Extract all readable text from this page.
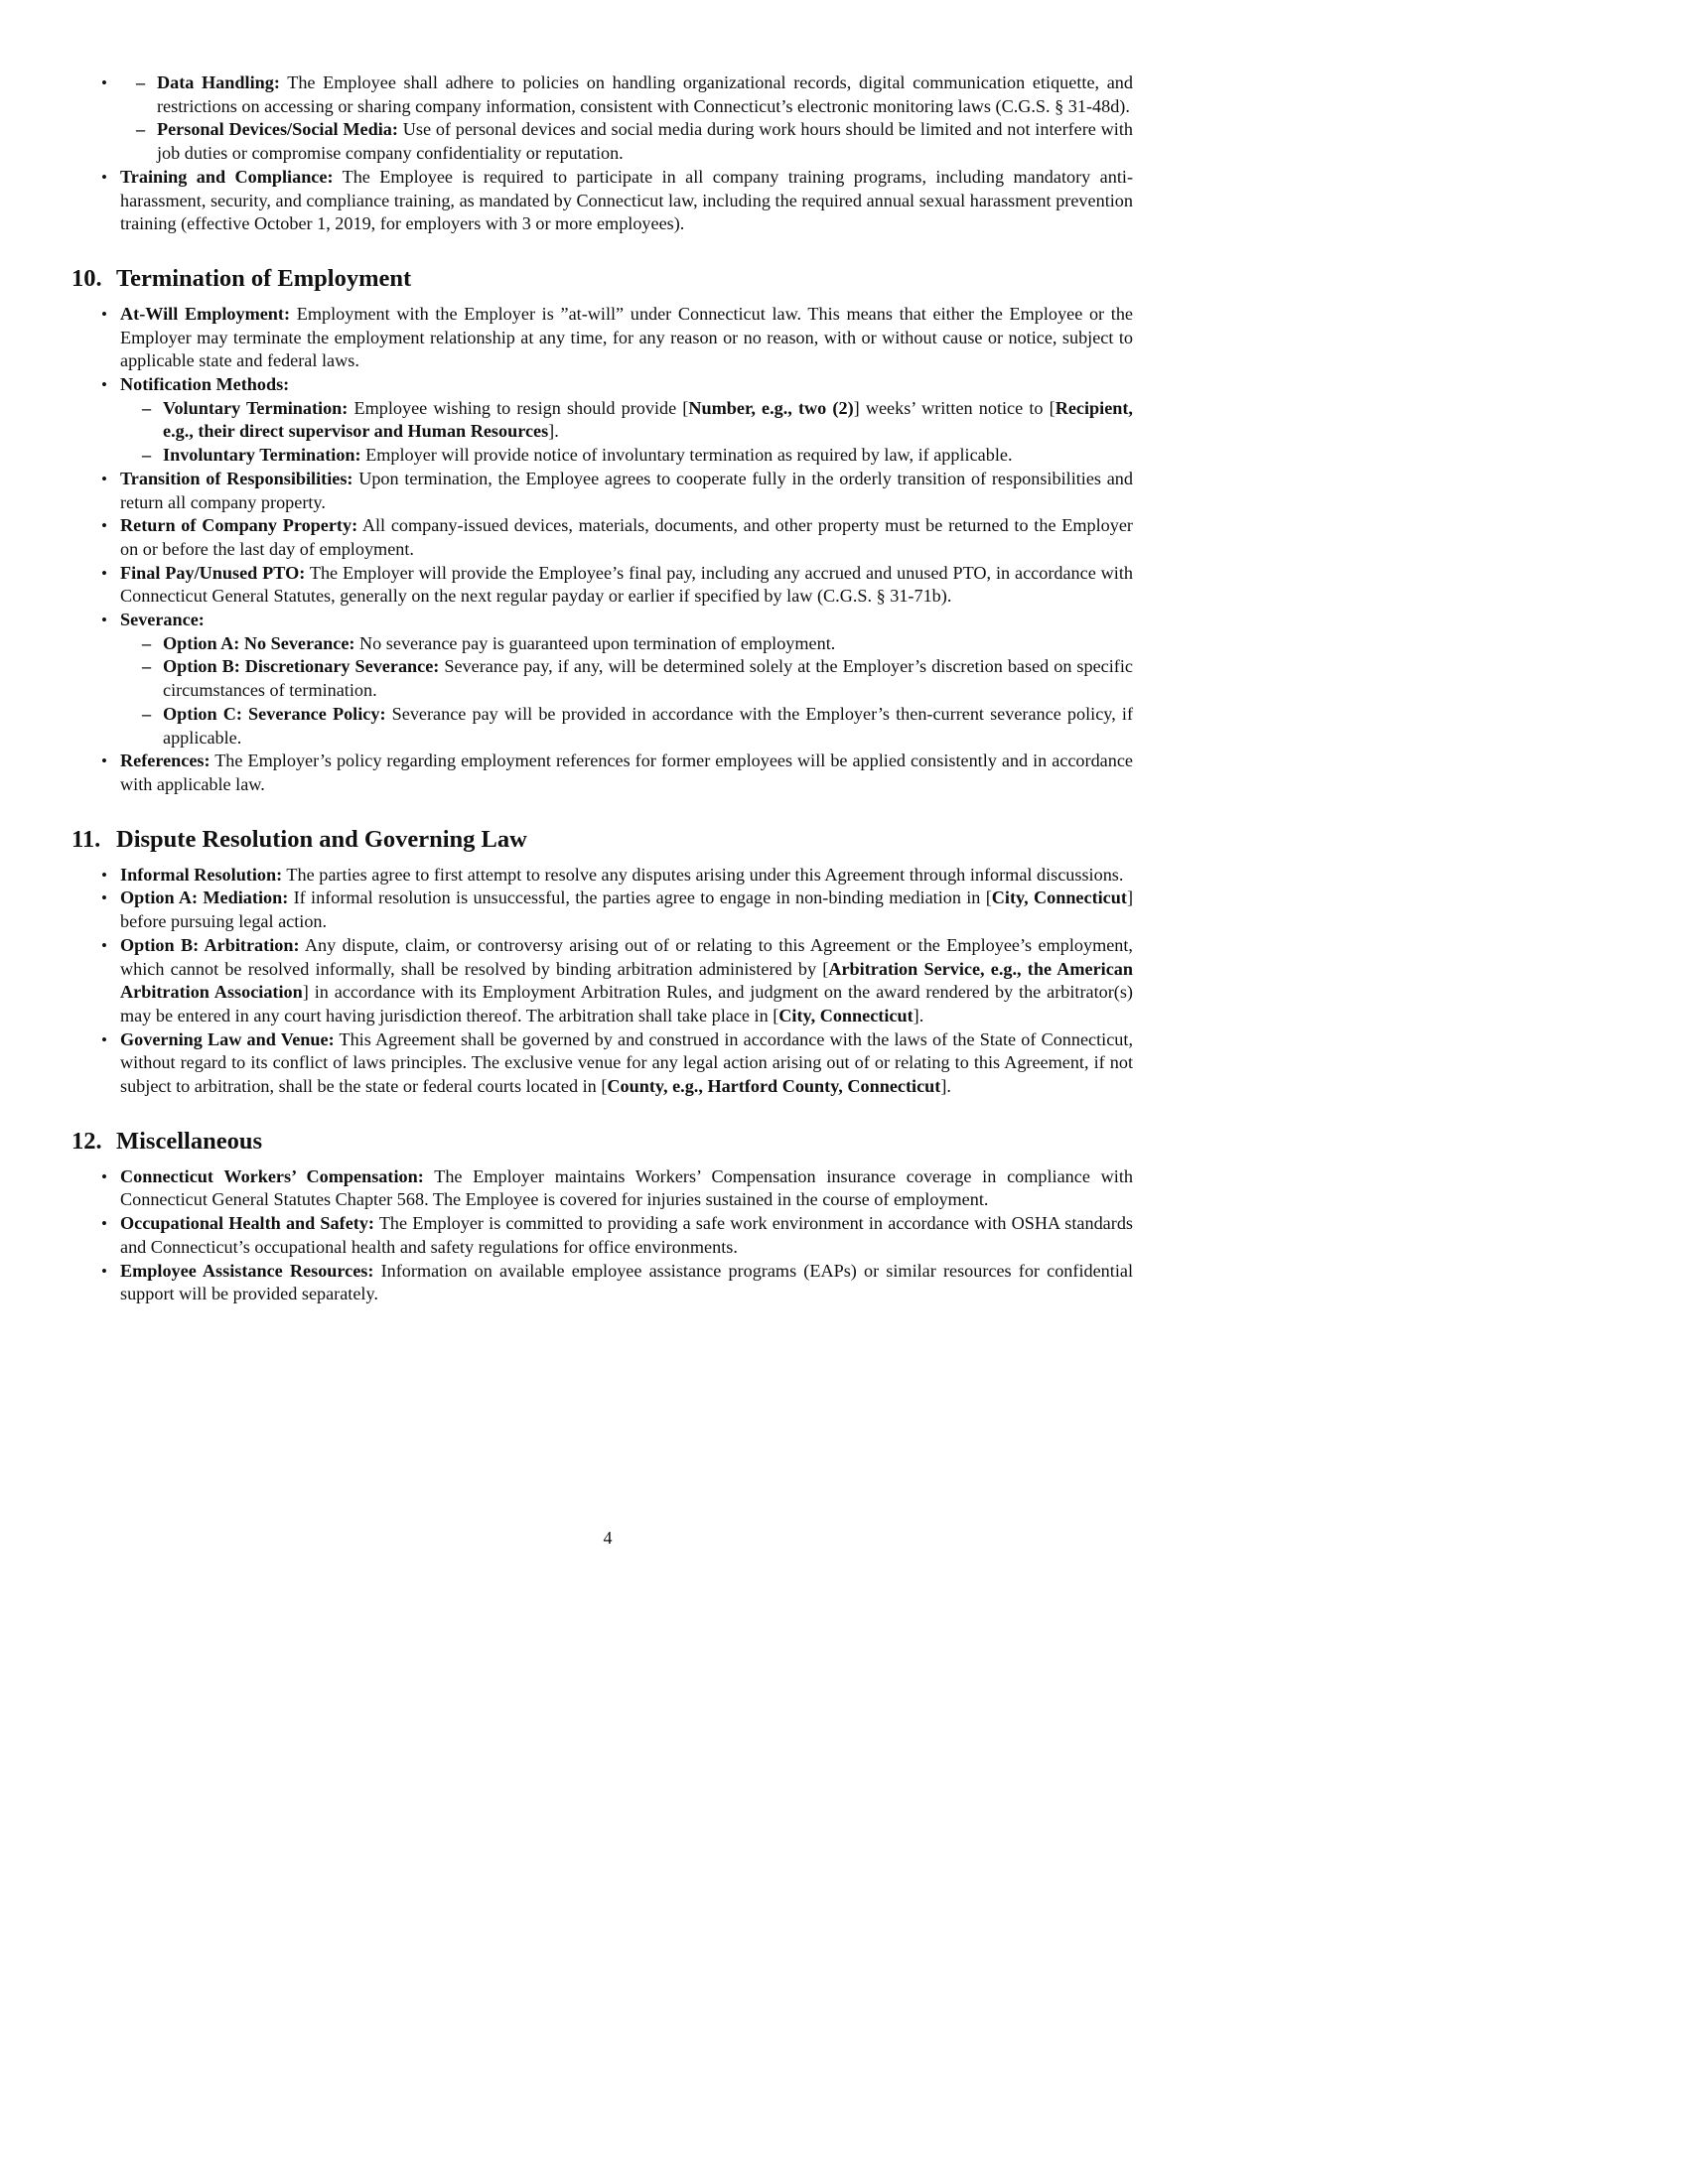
– • Data Handling: The Employee shall adhere to policies on handling organizational records, digital communication etiquette, and restrictions on accessing or sharing company information, consistent with Connecticut’s electronic monitoring laws (C.G.S. § 31-48d).
– Personal Devices/Social Media: Use of personal devices and social media during work hours should be limited and not interfere with job duties or compromise company confidentiality or reputation.
• Training and Compliance: The Employee is required to participate in all company training programs, including mandatory anti-harassment, security, and compliance training, as mandated by Connecticut law, including the required annual sexual harassment prevention training (effective October 1, 2019, for employers with 3 or more employees).
10. Termination of Employment
• At-Will Employment: Employment with the Employer is ”at-will” under Connecticut law. This means that either the Employee or the Employer may terminate the employment relationship at any time, for any reason or no reason, with or without cause or notice, subject to applicable state and federal laws.
• Notification Methods:
– Voluntary Termination: Employee wishing to resign should provide [Number, e.g., two (2)] weeks’ written notice to [Recipient, e.g., their direct supervisor and Human Resources].
– Involuntary Termination: Employer will provide notice of involuntary termination as required by law, if applicable.
• Transition of Responsibilities: Upon termination, the Employee agrees to cooperate fully in the orderly transition of responsibilities and return all company property.
• Return of Company Property: All company-issued devices, materials, documents, and other property must be returned to the Employer on or before the last day of employment.
• Final Pay/Unused PTO: The Employer will provide the Employee’s final pay, including any accrued and unused PTO, in accordance with Connecticut General Statutes, generally on the next regular payday or earlier if specified by law (C.G.S. § 31-71b).
• Severance:
– Option A: No Severance: No severance pay is guaranteed upon termination of employment.
– Option B: Discretionary Severance: Severance pay, if any, will be determined solely at the Employer’s discretion based on specific circumstances of termination.
– Option C: Severance Policy: Severance pay will be provided in accordance with the Employer’s then-current severance policy, if applicable.
• References: The Employer’s policy regarding employment references for former employees will be applied consistently and in accordance with applicable law.
11. Dispute Resolution and Governing Law
• Informal Resolution: The parties agree to first attempt to resolve any disputes arising under this Agreement through informal discussions.
• Option A: Mediation: If informal resolution is unsuccessful, the parties agree to engage in non-binding mediation in [City, Connecticut] before pursuing legal action.
• Option B: Arbitration: Any dispute, claim, or controversy arising out of or relating to this Agreement or the Employee’s employment, which cannot be resolved informally, shall be resolved by binding arbitration administered by [Arbitration Service, e.g., the American Arbitration Association] in accordance with its Employment Arbitration Rules, and judgment on the award rendered by the arbitrator(s) may be entered in any court having jurisdiction thereof. The arbitration shall take place in [City, Connecticut].
• Governing Law and Venue: This Agreement shall be governed by and construed in accordance with the laws of the State of Connecticut, without regard to its conflict of laws principles. The exclusive venue for any legal action arising out of or relating to this Agreement, if not subject to arbitration, shall be the state or federal courts located in [County, e.g., Hartford County, Connecticut].
12. Miscellaneous
• Connecticut Workers’ Compensation: The Employer maintains Workers’ Compensation insurance coverage in compliance with Connecticut General Statutes Chapter 568. The Employee is covered for injuries sustained in the course of employment.
• Occupational Health and Safety: The Employer is committed to providing a safe work environment in accordance with OSHA standards and Connecticut’s occupational health and safety regulations for office environments.
• Employee Assistance Resources: Information on available employee assistance programs (EAPs) or similar resources for confidential support will be provided separately.
4
